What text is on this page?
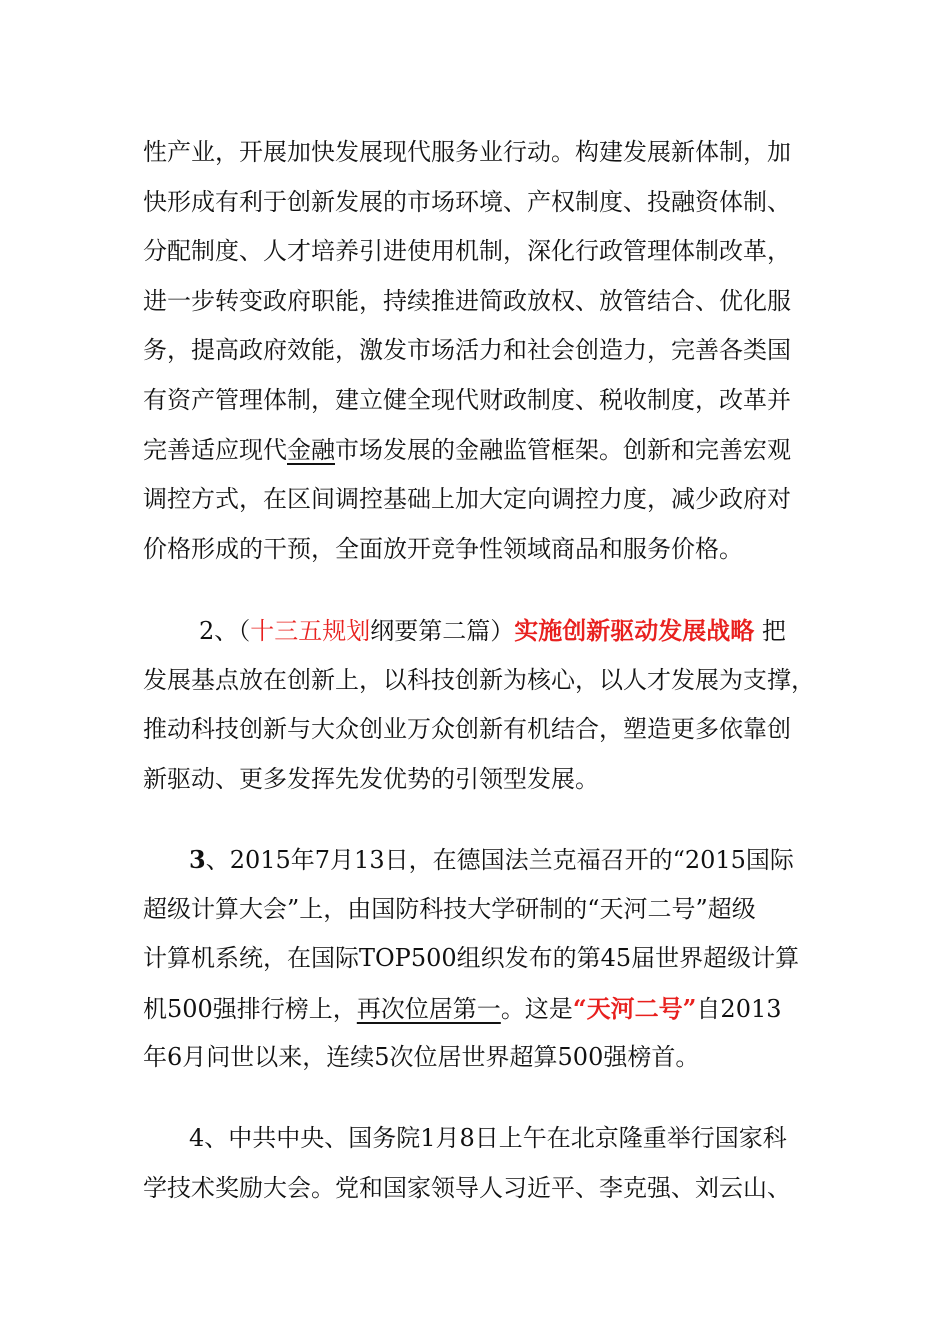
性产业，开展加快发展现代服务业行动。构建发展新体制，加
快形成有利于创新发展的市场环境、产权制度、投融资体制、
分配制度、人才培养引进使用机制，深化行政管理体制改革，
进一步转变政府职能，持续推进简政放权、放管结合、优化服
务，提高政府效能，激发市场活力和社会创造力，完善各类国
有资产管理体制，建立健全现代财政制度、税收制度，改革并
完善适应现代金融市场发展的金融监管框架。创新和完善宏观
调控方式，在区间调控基础上加大定向调控力度，减少政府对
价格形成的干预，全面放开竞争性领域商品和服务价格。
2、（十三五规划纲要第二篇）实施创新驱动发展战略 把
发展基点放在创新上，以科技创新为核心，以人才发展为支撑，
推动科技创新与大众创业万众创新有机结合，塑造更多依靠创
新驱动、更多发挥先发优势的引领型发展。
3、2015年7月13日，在德国法兰克福召开的“2015国际
超级计算大会”上，由国防科技大学研制的“天河二号”超级
计算机系统，在国际TOP500组织发布的第45届世界超级计算
机500强排行榜上，再次位居第一。这是“天河二号”自2013
年6月问世以来，连续5次位居世界超算500强榜首。
4、中共中央、国务院1月8日上午在北京隆重举行国家科
学技术奖励大会。党和国家领导人习近平、李克强、刘云山、
